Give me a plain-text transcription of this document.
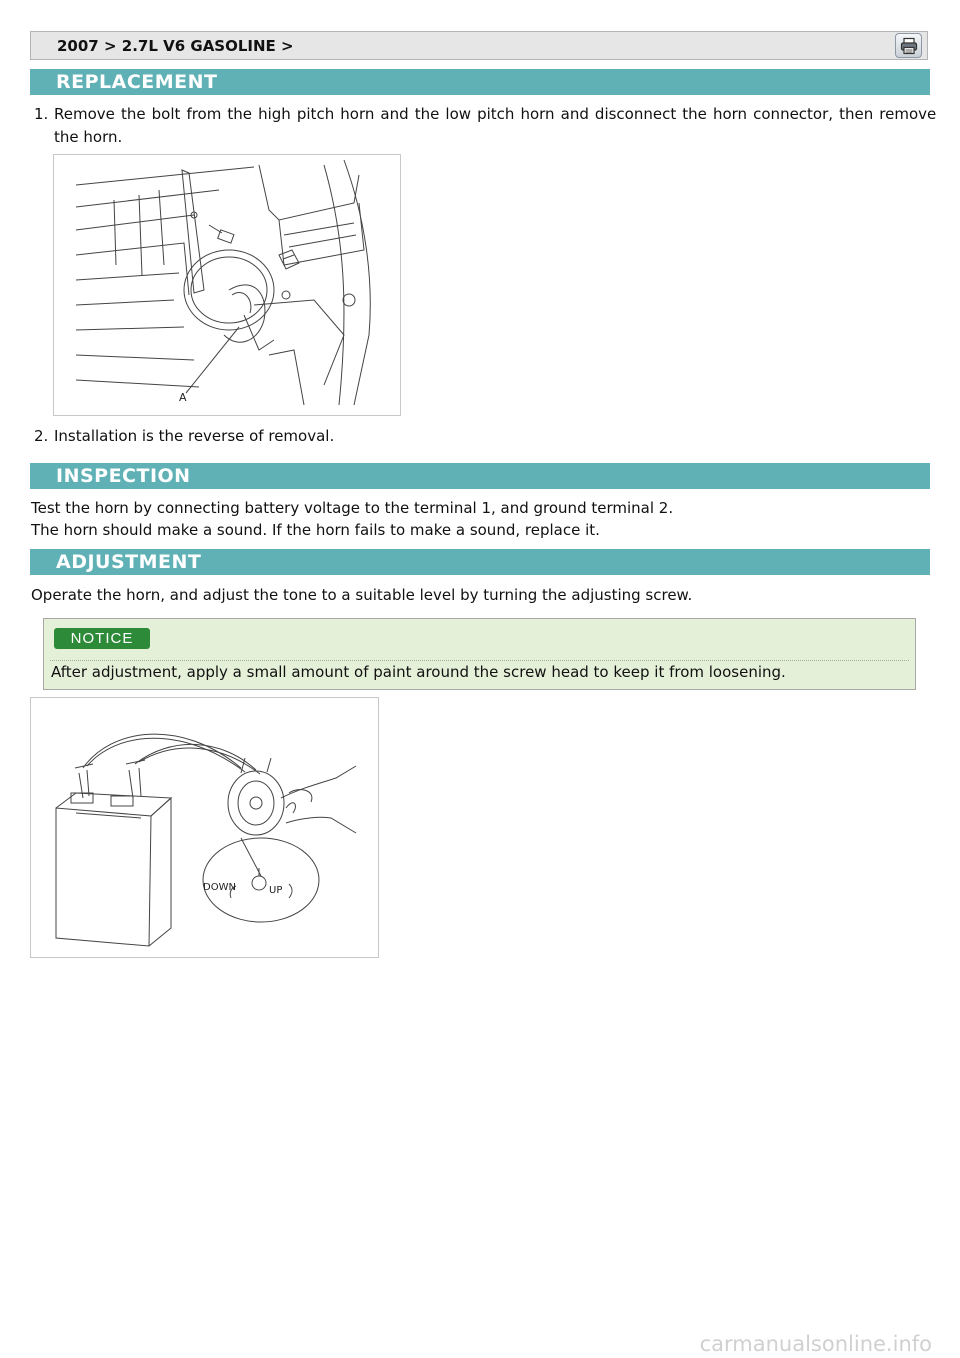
2007 > 2.7L V6 GASOLINE >
REPLACEMENT
1. Remove the bolt from the high pitch horn and the low pitch horn and disconnect the horn connector, then remove
the horn.
A
2. Installation is the reverse of removal.
INSPECTION
Test the horn by connecting battery voltage to the terminal 1, and ground terminal 2.
The horn should make a sound. If the horn fails to make a sound, replace it.
ADJUSTMENT
Operate the horn, and adjust the tone to a suitable level by turning the adjusting screw.
NOTICE
After adjustment, apply a small amount of paint around the screw head to keep it from loosening.
DOWN	UP
carmanualsonline.info
